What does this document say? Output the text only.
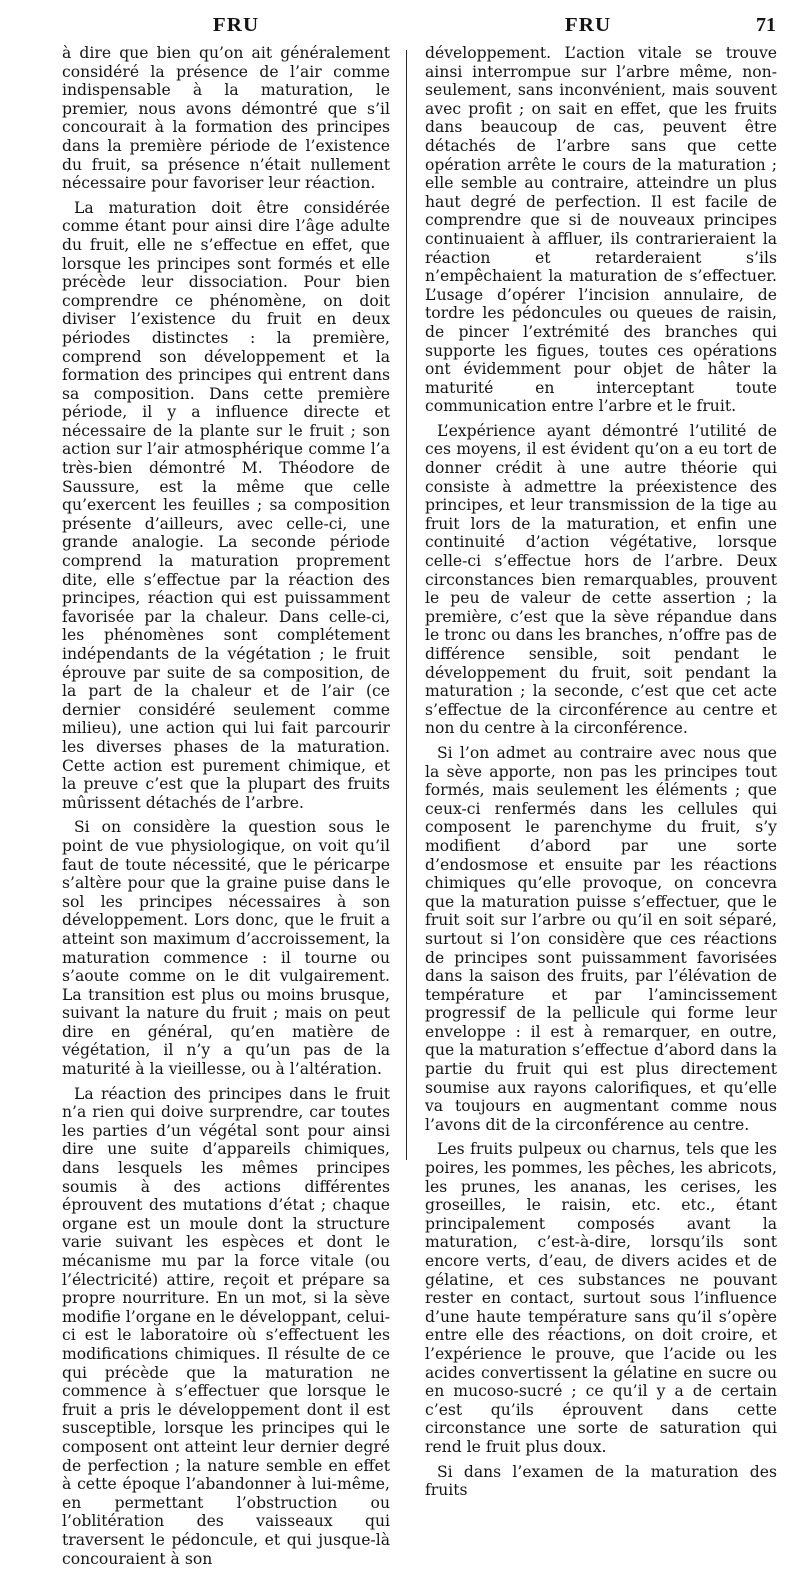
FRU	FRU	71

à dire que bien qu’on ait généralement considéré la présence de l’air comme indispensable à la maturation, le premier, nous avons démontré que s’il concourait à la formation des principes dans la première période de l’existence du fruit, sa présence n’était nullement nécessaire pour favoriser leur réaction.

La maturation doit être considérée comme étant pour ainsi dire l’âge adulte du fruit, elle ne s’effectue en effet, que lorsque les principes sont formés et elle précède leur dissociation. Pour bien comprendre ce phénomène, on doit diviser l’existence du fruit en deux périodes distinctes : la première, comprend son développement et la formation des principes qui entrent dans sa composition. Dans cette première période, il y a influence directe et nécessaire de la plante sur le fruit ; son action sur l’air atmosphérique comme l’a très-bien démontré M. Théodore de Saussure, est la même que celle qu’exercent les feuilles ; sa composition présente d’ailleurs, avec celle-ci, une grande analogie. La seconde période comprend la maturation proprement dite, elle s’effectue par la réaction des principes, réaction qui est puissamment favorisée par la chaleur. Dans celle-ci, les phénomènes sont complétement indépendants de la végétation ; le fruit éprouve par suite de sa composition, de la part de la chaleur et de l’air (ce dernier considéré seulement comme milieu), une action qui lui fait parcourir les diverses phases de la maturation. Cette action est purement chimique, et la preuve c’est que la plupart des fruits mûrissent détachés de l’arbre.

Si on considère la question sous le point de vue physiologique, on voit qu’il faut de toute nécessité, que le péricarpe s’altère pour que la graine puise dans le sol les principes nécessaires à son développement. Lors donc, que le fruit a atteint son maximum d’accroissement, la maturation commence : il tourne ou s’aoute comme on le dit vulgairement. La transition est plus ou moins brusque, suivant la nature du fruit ; mais on peut dire en général, qu’en matière de végétation, il n’y a qu’un pas de la maturité à la vieillesse, ou à l’altération.

La réaction des principes dans le fruit n’a rien qui doive surprendre, car toutes les parties d’un végétal sont pour ainsi dire une suite d’appareils chimiques, dans lesquels les mêmes principes soumis à des actions différentes éprouvent des mutations d’état ; chaque organe est un moule dont la structure varie suivant les espèces et dont le mécanisme mu par la force vitale (ou l’électricité) attire, reçoit et prépare sa propre nourriture. En un mot, si la sève modifie l’organe en le développant, celui-ci est le laboratoire où s’effectuent les modifications chimiques. Il résulte de ce qui précède que la maturation ne commence à s’effectuer que lorsque le fruit a pris le développement dont il est susceptible, lorsque les principes qui le composent ont atteint leur dernier degré de perfection ; la nature semble en effet à cette époque l’abandonner à lui-même, en permettant l’obstruction ou l’oblitération des vaisseaux qui traversent le pédoncule, et qui jusque-là concouraient à son

développement. L’action vitale se trouve ainsi interrompue sur l’arbre même, non-seulement, sans inconvénient, mais souvent avec profit ; on sait en effet, que les fruits dans beaucoup de cas, peuvent être détachés de l’arbre sans que cette opération arrête le cours de la maturation ; elle semble au contraire, atteindre un plus haut degré de perfection. Il est facile de comprendre que si de nouveaux principes continuaient à affluer, ils contrarieraient la réaction et retarderaient s’ils n’empêchaient la maturation de s’effectuer. L’usage d’opérer l’incision annulaire, de tordre les pédoncules ou queues de raisin, de pincer l’extrémité des branches qui supporte les figues, toutes ces opérations ont évidemment pour objet de hâter la maturité en interceptant toute communication entre l’arbre et le fruit.

L’expérience ayant démontré l’utilité de ces moyens, il est évident qu’on a eu tort de donner crédit à une autre théorie qui consiste à admettre la préexistence des principes, et leur transmission de la tige au fruit lors de la maturation, et enfin une continuité d’action végétative, lorsque celle-ci s’effectue hors de l’arbre. Deux circonstances bien remarquables, prouvent le peu de valeur de cette assertion ; la première, c’est que la sève répandue dans le tronc ou dans les branches, n’offre pas de différence sensible, soit pendant le développement du fruit, soit pendant la maturation ; la seconde, c’est que cet acte s’effectue de la circonférence au centre et non du centre à la circonférence.

Si l’on admet au contraire avec nous que la sève apporte, non pas les principes tout formés, mais seulement les éléments ; que ceux-ci renfermés dans les cellules qui composent le parenchyme du fruit, s’y modifient d’abord par une sorte d’endosmose et ensuite par les réactions chimiques qu’elle provoque, on concevra que la maturation puisse s’effectuer, que le fruit soit sur l’arbre ou qu’il en soit séparé, surtout si l’on considère que ces réactions de principes sont puissamment favorisées dans la saison des fruits, par l’élévation de température et par l’amincissement progressif de la pellicule qui forme leur enveloppe : il est à remarquer, en outre, que la maturation s’effectue d’abord dans la partie du fruit qui est plus directement soumise aux rayons calorifiques, et qu’elle va toujours en augmentant comme nous l’avons dit de la circonférence au centre.

Les fruits pulpeux ou charnus, tels que les poires, les pommes, les pêches, les abricots, les prunes, les ananas, les cerises, les groseilles, le raisin, etc. etc., étant principalement composés avant la maturation, c’est-à-dire, lorsqu’ils sont encore verts, d’eau, de divers acides et de gélatine, et ces substances ne pouvant rester en contact, surtout sous l’influence d’une haute température sans qu’il s’opère entre elle des réactions, on doit croire, et l’expérience le prouve, que l’acide ou les acides convertissent la gélatine en sucre ou en mucoso-sucré ; ce qu’il y a de certain c’est qu’ils éprouvent dans cette circonstance une sorte de saturation qui rend le fruit plus doux.

Si dans l’examen de la maturation des fruits
